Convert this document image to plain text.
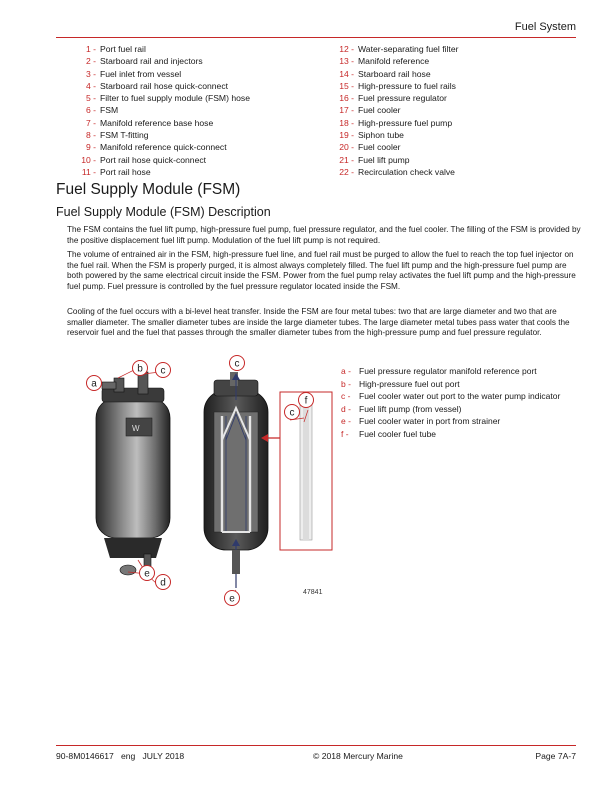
Fuel System
1 - Port fuel rail
2 - Starboard rail and injectors
3 - Fuel inlet from vessel
4 - Starboard rail hose quick-connect
5 - Filter to fuel supply module (FSM) hose
6 - FSM
7 - Manifold reference base hose
8 - FSM T-fitting
9 - Manifold reference quick-connect
10 - Port rail hose quick-connect
11 - Port rail hose
12 - Water-separating fuel filter
13 - Manifold reference
14 - Starboard rail hose
15 - High-pressure to fuel rails
16 - Fuel pressure regulator
17 - Fuel cooler
18 - High-pressure fuel pump
19 - Siphon tube
20 - Fuel cooler
21 - Fuel lift pump
22 - Recirculation check valve
Fuel Supply Module (FSM)
Fuel Supply Module (FSM) Description

The FSM contains the fuel lift pump, high-pressure fuel pump, fuel pressure regulator, and the fuel cooler. The filling of the FSM is provided by the positive displacement fuel lift pump. Modulation of the fuel lift pump is not required.

The volume of entrained air in the FSM, high-pressure fuel line, and fuel rail must be purged to allow the fuel to reach the top fuel injector on the fuel rail. When the FSM is properly purged, it is almost always completely filled. The fuel lift pump and the high-pressure fuel pump are both powered by the same electrical circuit inside the FSM. Power from the fuel pump relay activates the fuel lift pump and the high-pressure fuel pump. Fuel pressure is controlled by the fuel pressure regulator located inside the FSM.

Cooling of the fuel occurs with a bi-level heat transfer. Inside the FSM are four metal tubes: two that are large diameter and two that are smaller diameter. The smaller diameter tubes are inside the large diameter tubes. The large diameter metal tubes pass water that cools the reservoir fuel and the fuel that passes through the smaller diameter tubes from the high-pressure pump and fuel pressure regulator.

W
a
b c
c
c
d
e
e
f
47841
a - Fuel pressure regulator manifold reference port
b - High-pressure fuel out port
c - Fuel cooler water out port to the water pump indicator
d - Fuel lift pump (from vessel)
e - Fuel cooler water in port from strainer
f - Fuel cooler fuel tube
90-8M0146617   eng   JULY 2018	© 2018 Mercury Marine	Page 7A-7
